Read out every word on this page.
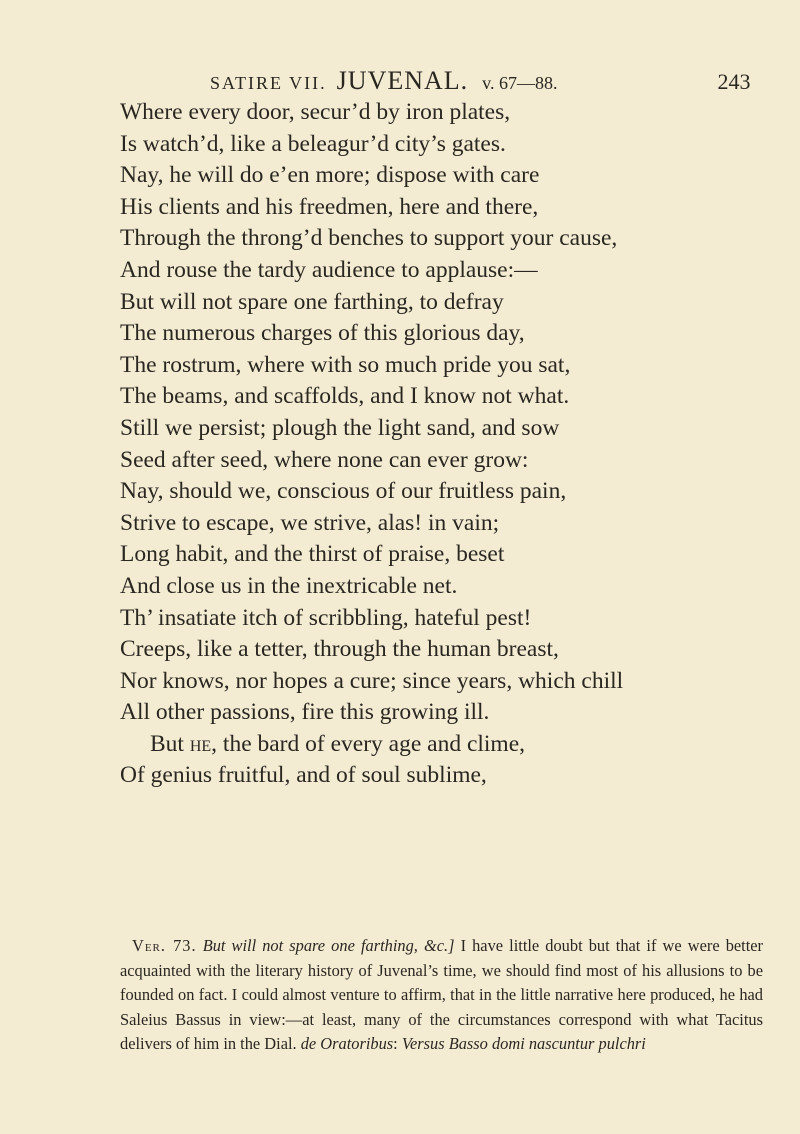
SATIRE VII. JUVENAL. v. 67—88.	243
Where every door, secur’d by iron plates,
Is watch’d, like a beleagur’d city’s gates.
Nay, he will do e’en more; dispose with care
His clients and his freedmen, here and there,
Through the throng’d benches to support your cause,
And rouse the tardy audience to applause:—
But will not spare one farthing, to defray
The numerous charges of this glorious day,
The rostrum, where with so much pride you sat,
The beams, and scaffolds, and I know not what.
Still we persist; plough the light sand, and sow
Seed after seed, where none can ever grow:
Nay, should we, conscious of our fruitless pain,
Strive to escape, we strive, alas! in vain;
Long habit, and the thirst of praise, beset
And close us in the inextricable net.
Th’ insatiate itch of scribbling, hateful pest!
Creeps, like a tetter, through the human breast,
Nor knows, nor hopes a cure; since years, which chill
All other passions, fire this growing ill.
But he, the bard of every age and clime,
Of genius fruitful, and of soul sublime,

Ver. 73. But will not spare one farthing, &c.] I have little doubt but that if we were better acquainted with the literary history of Juvenal’s time, we should find most of his allusions to be founded on fact. I could almost venture to affirm, that in the little narrative here produced, he had Saleius Bassus in view:—at least, many of the circumstances correspond with what Tacitus delivers of him in the Dial. de Oratoribus: Versus Basso domi nascuntur pulchri
